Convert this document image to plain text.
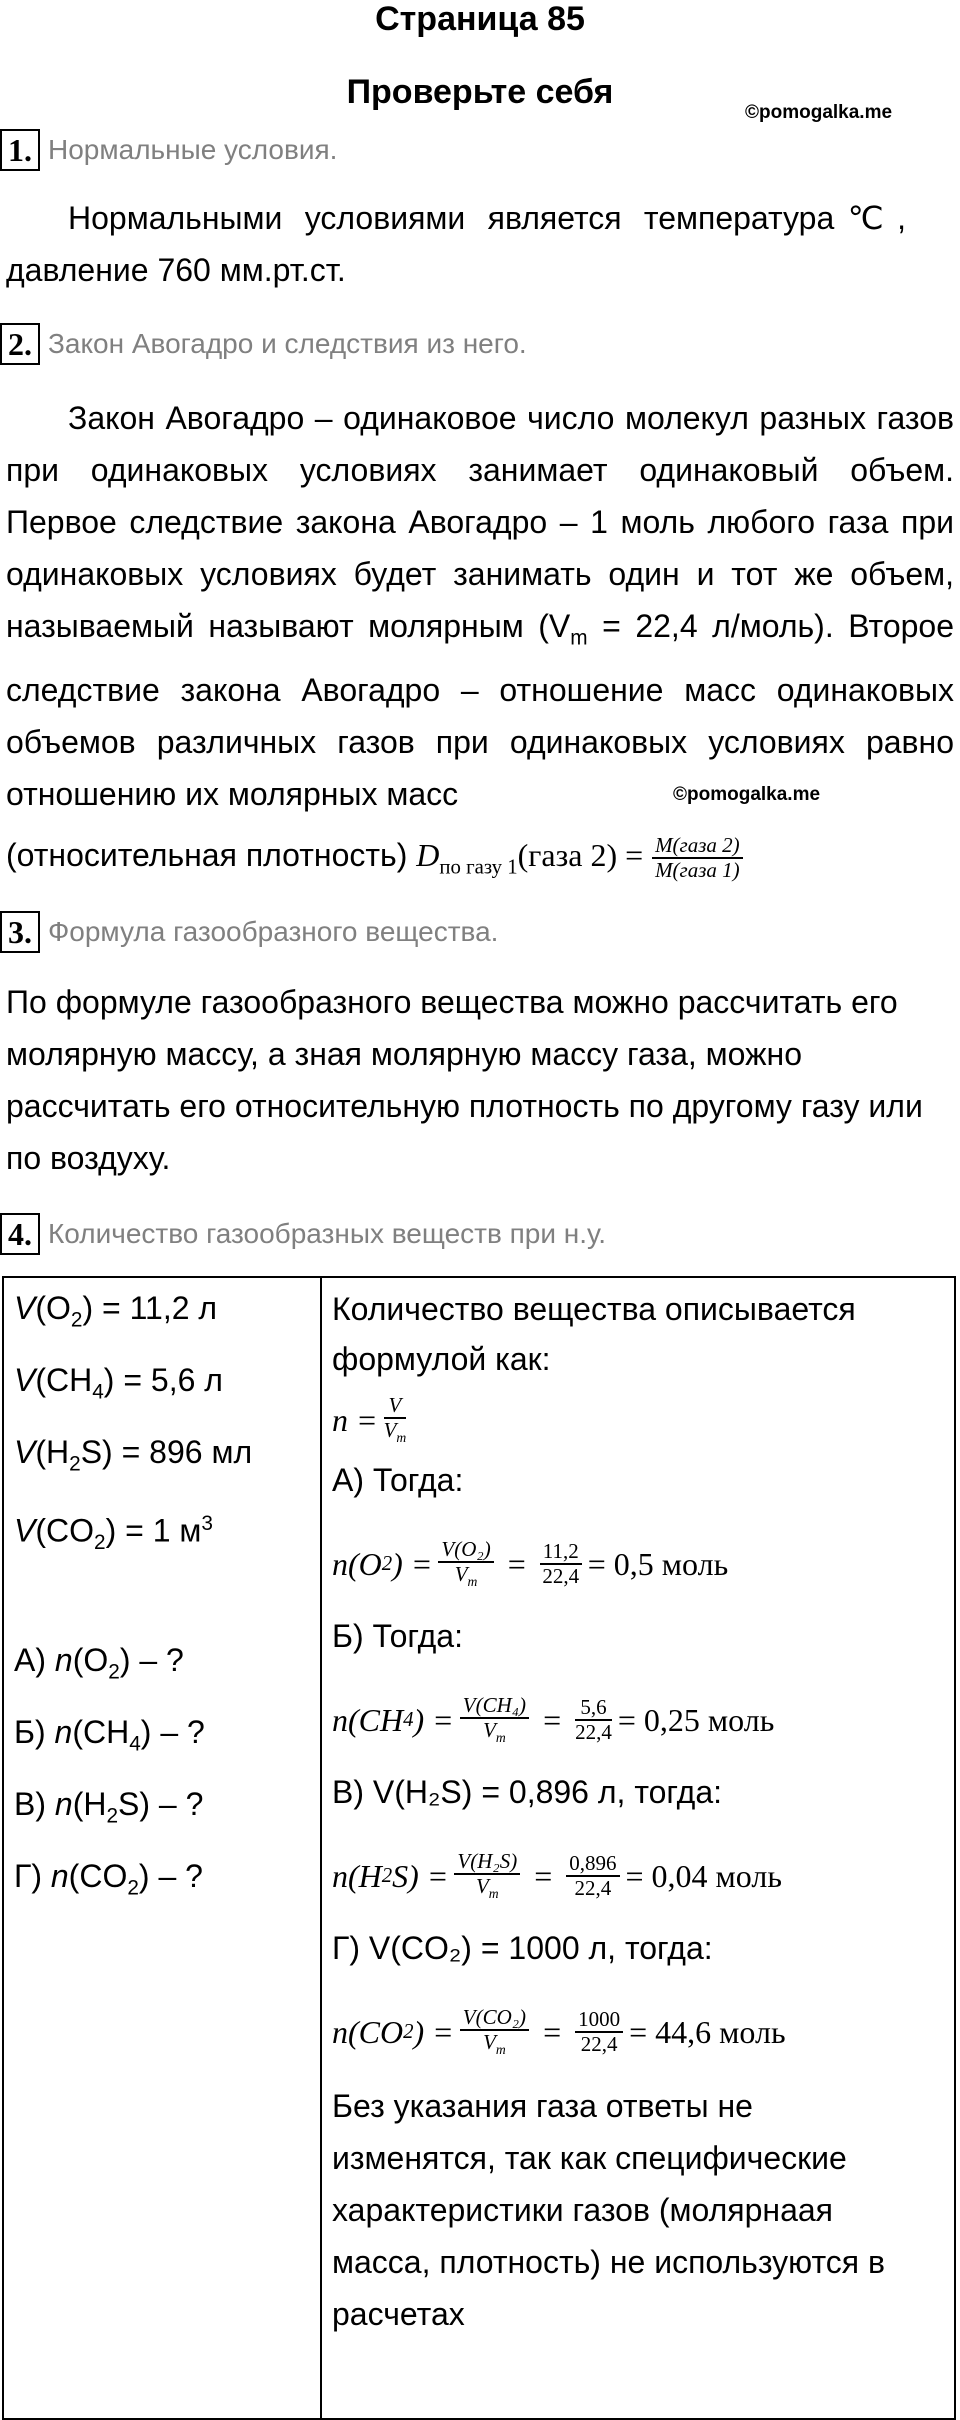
Страница 85
Проверьте себя
©pomogalka.me
1. Нормальные условия.

Нормальными условиями является температура℃, давление 760 мм.рт.ст.

2. Закон Авогадро и следствия из него.

Закон Авогадро – одинаковое число молекул разных газов при одинаковых условиях занимает одинаковый объем. Первое следствие закона Авогадро – 1 моль любого газа при одинаковых условиях будет занимать один и тот же объем, называемый называют молярным ($V_m = 22,4$ л/моль). Второе следствие закона Авогадро – отношение масс одинаковых объемов различных газов при одинаковых условиях равно отношению их молярных масс

(относительная плотность) $D_{по газу 1}(газа$ $2) = \frac{\text{M(газа 2)}}{\text{M(газа 1)}}$

©pomogalka.me
3. Формула газообразного вещества.

По формуле газообразного вещества можно рассчитать его молярную массу, а зная молярную массу газа, можно рассчитать его относительную плотность по другому газу или по воздуху.

4. Количество газообразных веществ при н.у.
$V(O_2) = 11,2$ л
$V(CH_4) = 5,6$ л
$V(H_2S) = 896$ мл
$V(CO_2) = 1$ $м^3$
А) $n(O_2)$ – ?
Б) $n(CH_4)$ – ?
В) $n(H_2S)$ – ?
Г) $n(CO_2)$ – ?

Количество вещества описывается формулой как:
$n = \frac{V}{V_m}$
А) Тогда:
n(O 2 ) = $\frac{\text{V(O₂)}}{V_m} = \frac{11,2}{22,4} = 0,5$ моль
Б) Тогда:
n(CH 4 ) = $\frac{\text{V(CH₄)}}{V_m} = \frac{5,6}{22,4} = 0,25$ моль
В) V(H₂S) = 0,896 л, тогда:
n(H 2 $S) = \frac{\text{V(H₂S)}}{V_m} = \frac{0,896}{22,4} = 0,04$ моль
Г) V(CO₂) = 1000 л, тогда:
n(CO 2 ) = $\frac{\text{V(CO₂)}}{V_m} = \frac{1000}{22,4} = 44,6$ моль
Без указания газа ответы не изменятся, так как специфические характеристики газов (молярнаая масса, плотность) не используются в расчетах
